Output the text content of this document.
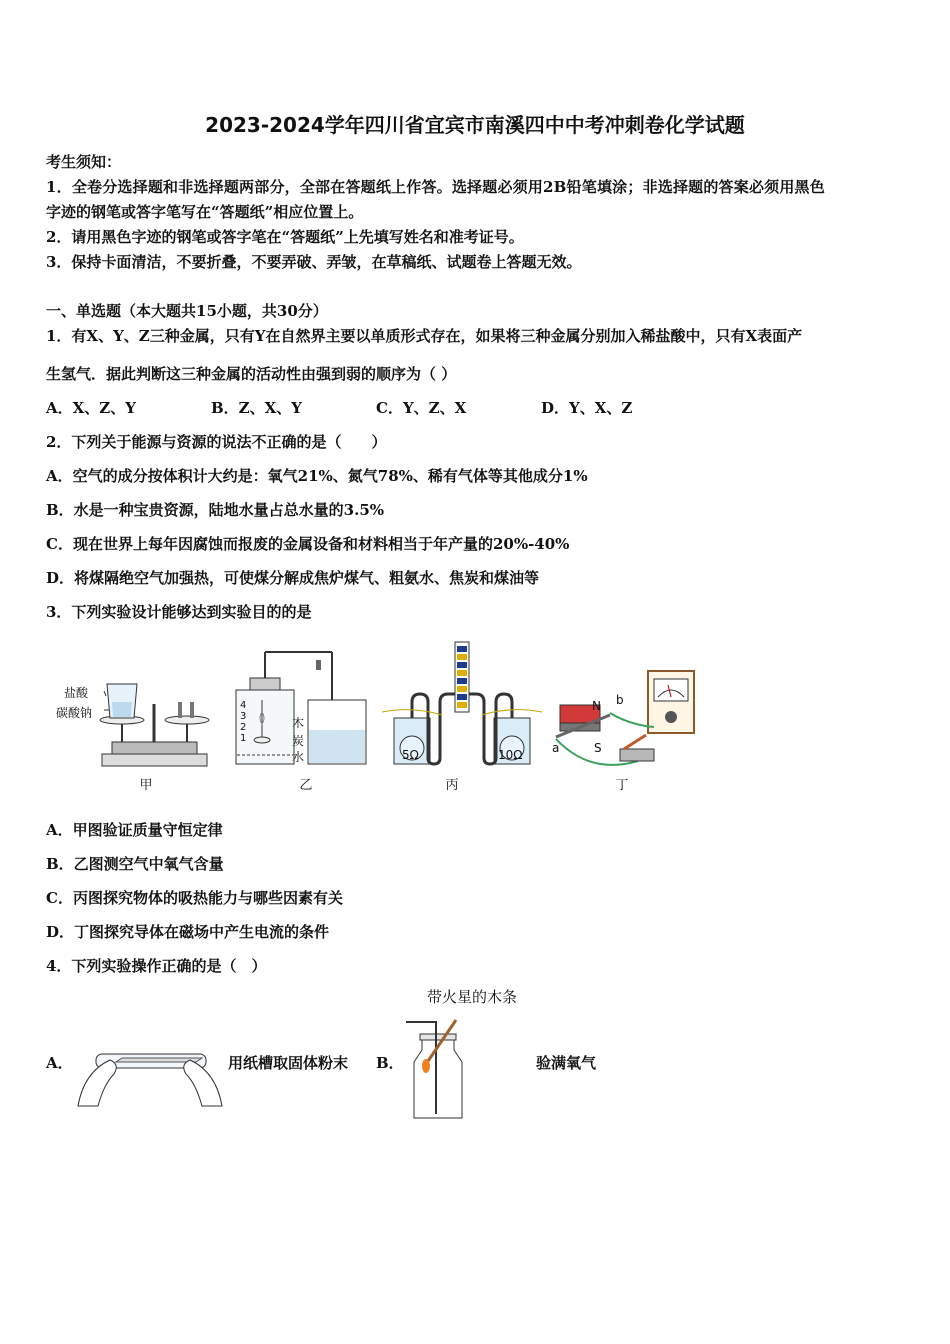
2023-2024学年四川省宜宾市南溪四中中考冲刺卷化学试题
考生须知：
1．全卷分选择题和非选择题两部分，全部在答题纸上作答。选择题必须用2B铅笔填涂；非选择题的答案必须用黑色
字迹的钢笔或答字笔写在“答题纸”相应位置上。
2．请用黑色字迹的钢笔或答字笔在“答题纸”上先填写姓名和准考证号。
3．保持卡面清洁，不要折叠，不要弄破、弄皱，在草稿纸、试题卷上答题无效。
一、单选题（本大题共15小题，共30分）
1．有X、Y、Z三种金属，只有Y在自然界主要以单质形式存在，如果将三种金属分别加入稀盐酸中，只有X表面产
生氢气．据此判断这三种金属的活动性由强到弱的顺序为（ ）
A．X、Z、Y	B．Z、X、Y	C．Y、Z、X	D．Y、X、Z
2．下列关于能源与资源的说法不正确的是（　　）
A．空气的成分按体积计大约是：氧气21%、氮气78%、稀有气体等其他成分1%
B．水是一种宝贵资源，陆地水量占总水量的3.5%
C．现在世界上每年因腐蚀而报废的金属设备和材料相当于年产量的20%-40%
D．将煤隔绝空气加强热，可使煤分解成焦炉煤气、粗氨水、焦炭和煤油等
3．下列实验设计能够达到实验目的的是
盐酸
碳酸钠
甲
4
3
2
1
木
炭
水
乙
5Ω	10Ω
丙
N b
S
a
丁
A．甲图验证质量守恒定律
B．乙图测空气中氧气含量
C．丙图探究物体的吸热能力与哪些因素有关
D．丁图探究导体在磁场中产生电流的条件
4．下列实验操作正确的是（　）
A．	用纸槽取固体粉末 B．
带火星的木条
验满氧气
